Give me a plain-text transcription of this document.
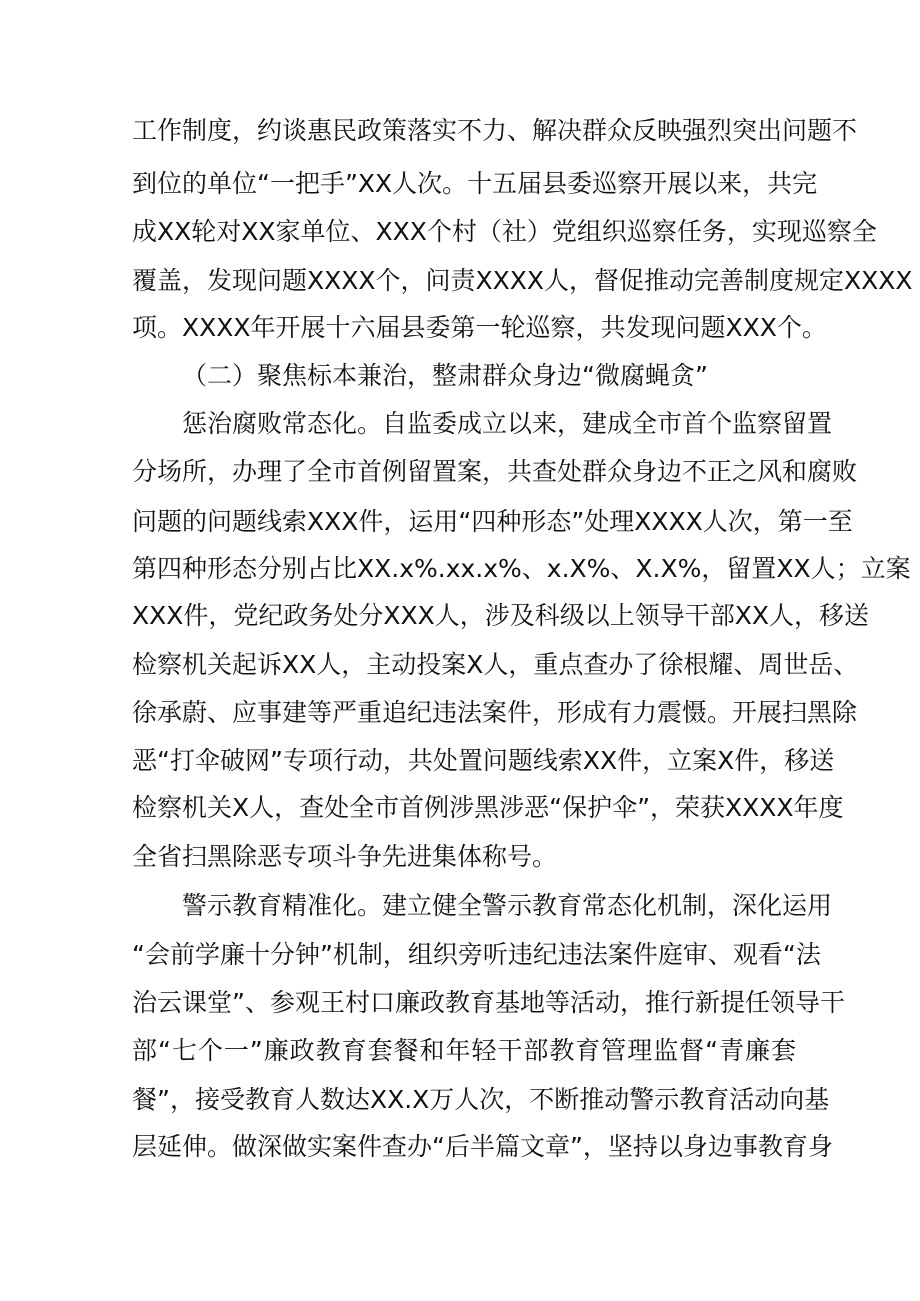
工作制度，约谈惠民政策落实不力、解决群众反映强烈突出问题不
到位的单位“一把手”XX人次。十五届县委巡察开展以来，共完
成XX轮对XX家单位、XXX个村（社）党组织巡察任务，实现巡察全
覆盖，发现问题XXXX个，问责XXXX人，督促推动完善制度规定XXXX
项。XXXX年开展十六届县委第一轮巡察，共发现问题XXX个。
（二）聚焦标本兼治，整肃群众身边“微腐蝇贪”
惩治腐败常态化。自监委成立以来，建成全市首个监察留置
分场所，办理了全市首例留置案，共查处群众身边不正之风和腐败
问题的问题线索XXX件，运用“四种形态”处理XXXX人次，第一至
第四种形态分别占比XX.x%.xx.x%、x.X%、X.X%，留置XX人；立案
XXX件，党纪政务处分XXX人，涉及科级以上领导干部XX人，移送
检察机关起诉XX人，主动投案X人，重点查办了徐根耀、周世岳、
徐承蔚、应事建等严重追纪违法案件，形成有力震慑。开展扫黑除
恶“打伞破网”专项行动，共处置问题线索XX件，立案X件，移送
检察机关X人，查处全市首例涉黑涉恶“保护伞”，荣获XXXX年度
全省扫黑除恶专项斗争先进集体称号。
警示教育精准化。建立健全警示教育常态化机制，深化运用
“会前学廉十分钟”机制，组织旁听违纪违法案件庭审、观看“法
治云课堂”、参观王村口廉政教育基地等活动，推行新提任领导干
部“七个一”廉政教育套餐和年轻干部教育管理监督“青廉套
餐”，接受教育人数达XX.X万人次，不断推动警示教育活动向基
层延伸。做深做实案件查办“后半篇文章”，坚持以身边事教育身
